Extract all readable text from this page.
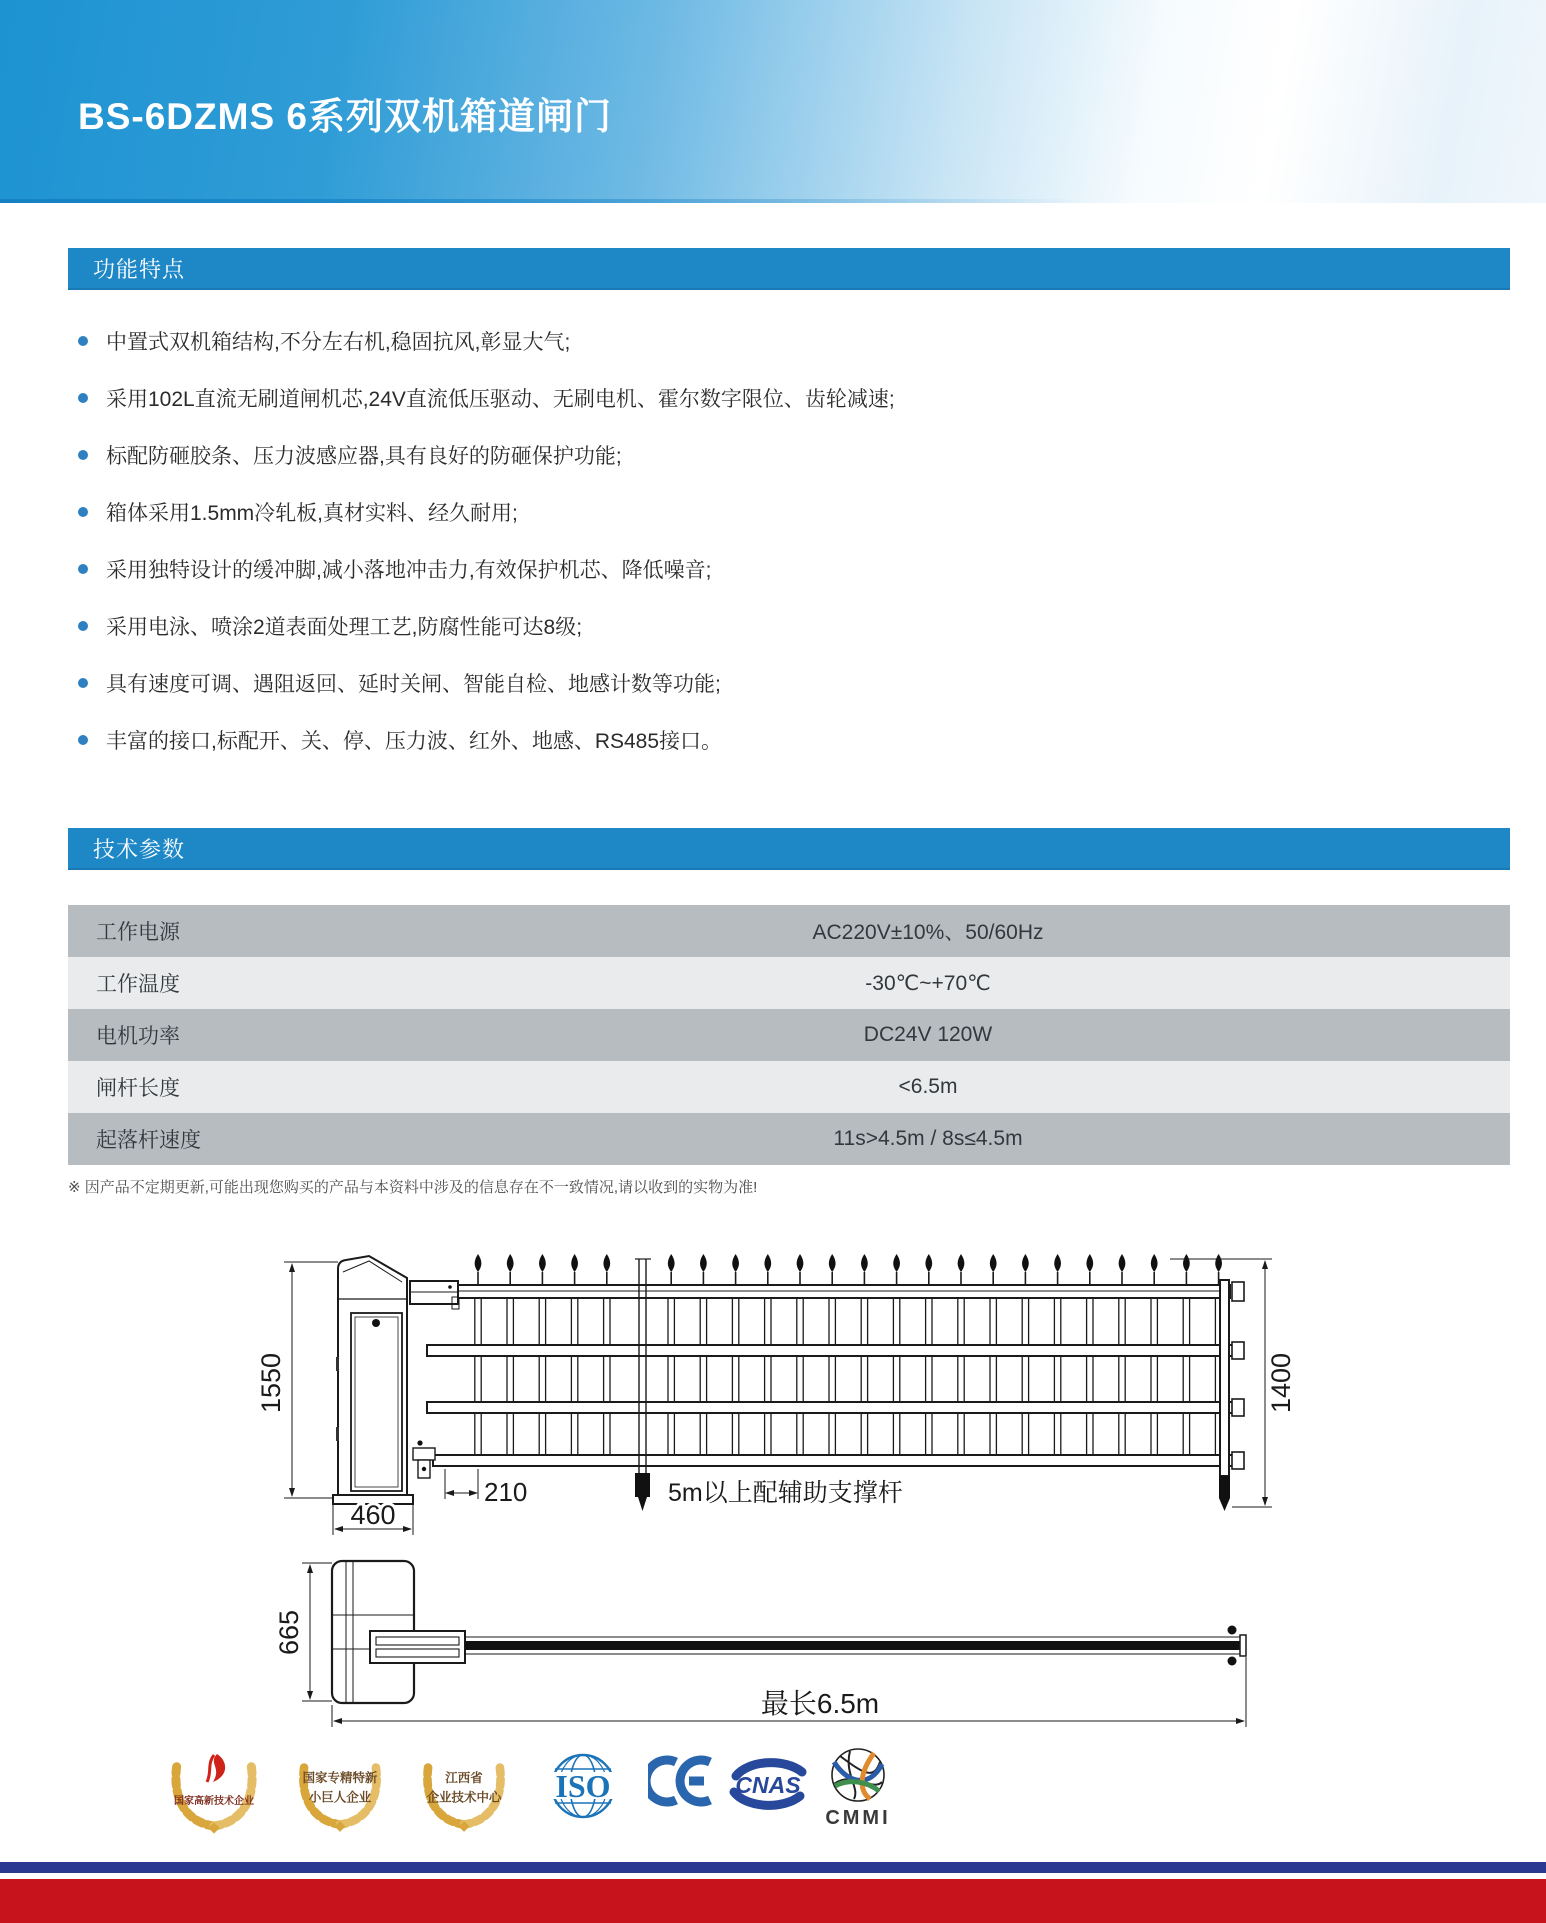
BS-6DZMS 6系列双机箱道闸门
功能特点
中置式双机箱结构,不分左右机,稳固抗风,彰显大气;
采用102L直流无刷道闸机芯,24V直流低压驱动、无刷电机、霍尔数字限位、齿轮减速;
标配防砸胶条、压力波感应器,具有良好的防砸保护功能;
箱体采用1.5mm冷轧板,真材实料、经久耐用;
采用独特设计的缓冲脚,减小落地冲击力,有效保护机芯、降低噪音;
采用电泳、喷涂2道表面处理工艺,防腐性能可达8级;
具有速度可调、遇阻返回、延时关闸、智能自检、地感计数等功能;
丰富的接口,标配开、关、停、压力波、红外、地感、RS485接口。
技术参数
工作电源	AC220V±10%、50/60Hz
工作温度	-30℃~+70℃
电机功率	DC24V 120W
闸杆长度	<6.5m
起落杆速度	11s>4.5m / 8s≤4.5m
※ 因产品不定期更新,可能出现您购买的产品与本资料中涉及的信息存在不一致情况,请以收到的实物为准!
1550
460
210	5m以上配辅助支撑杆
1400
665
最长6.5m
国家高新技术企业
国家专精特新
小巨人企业
江西省
企业技术中心 ISO	CNAS
CMMI
